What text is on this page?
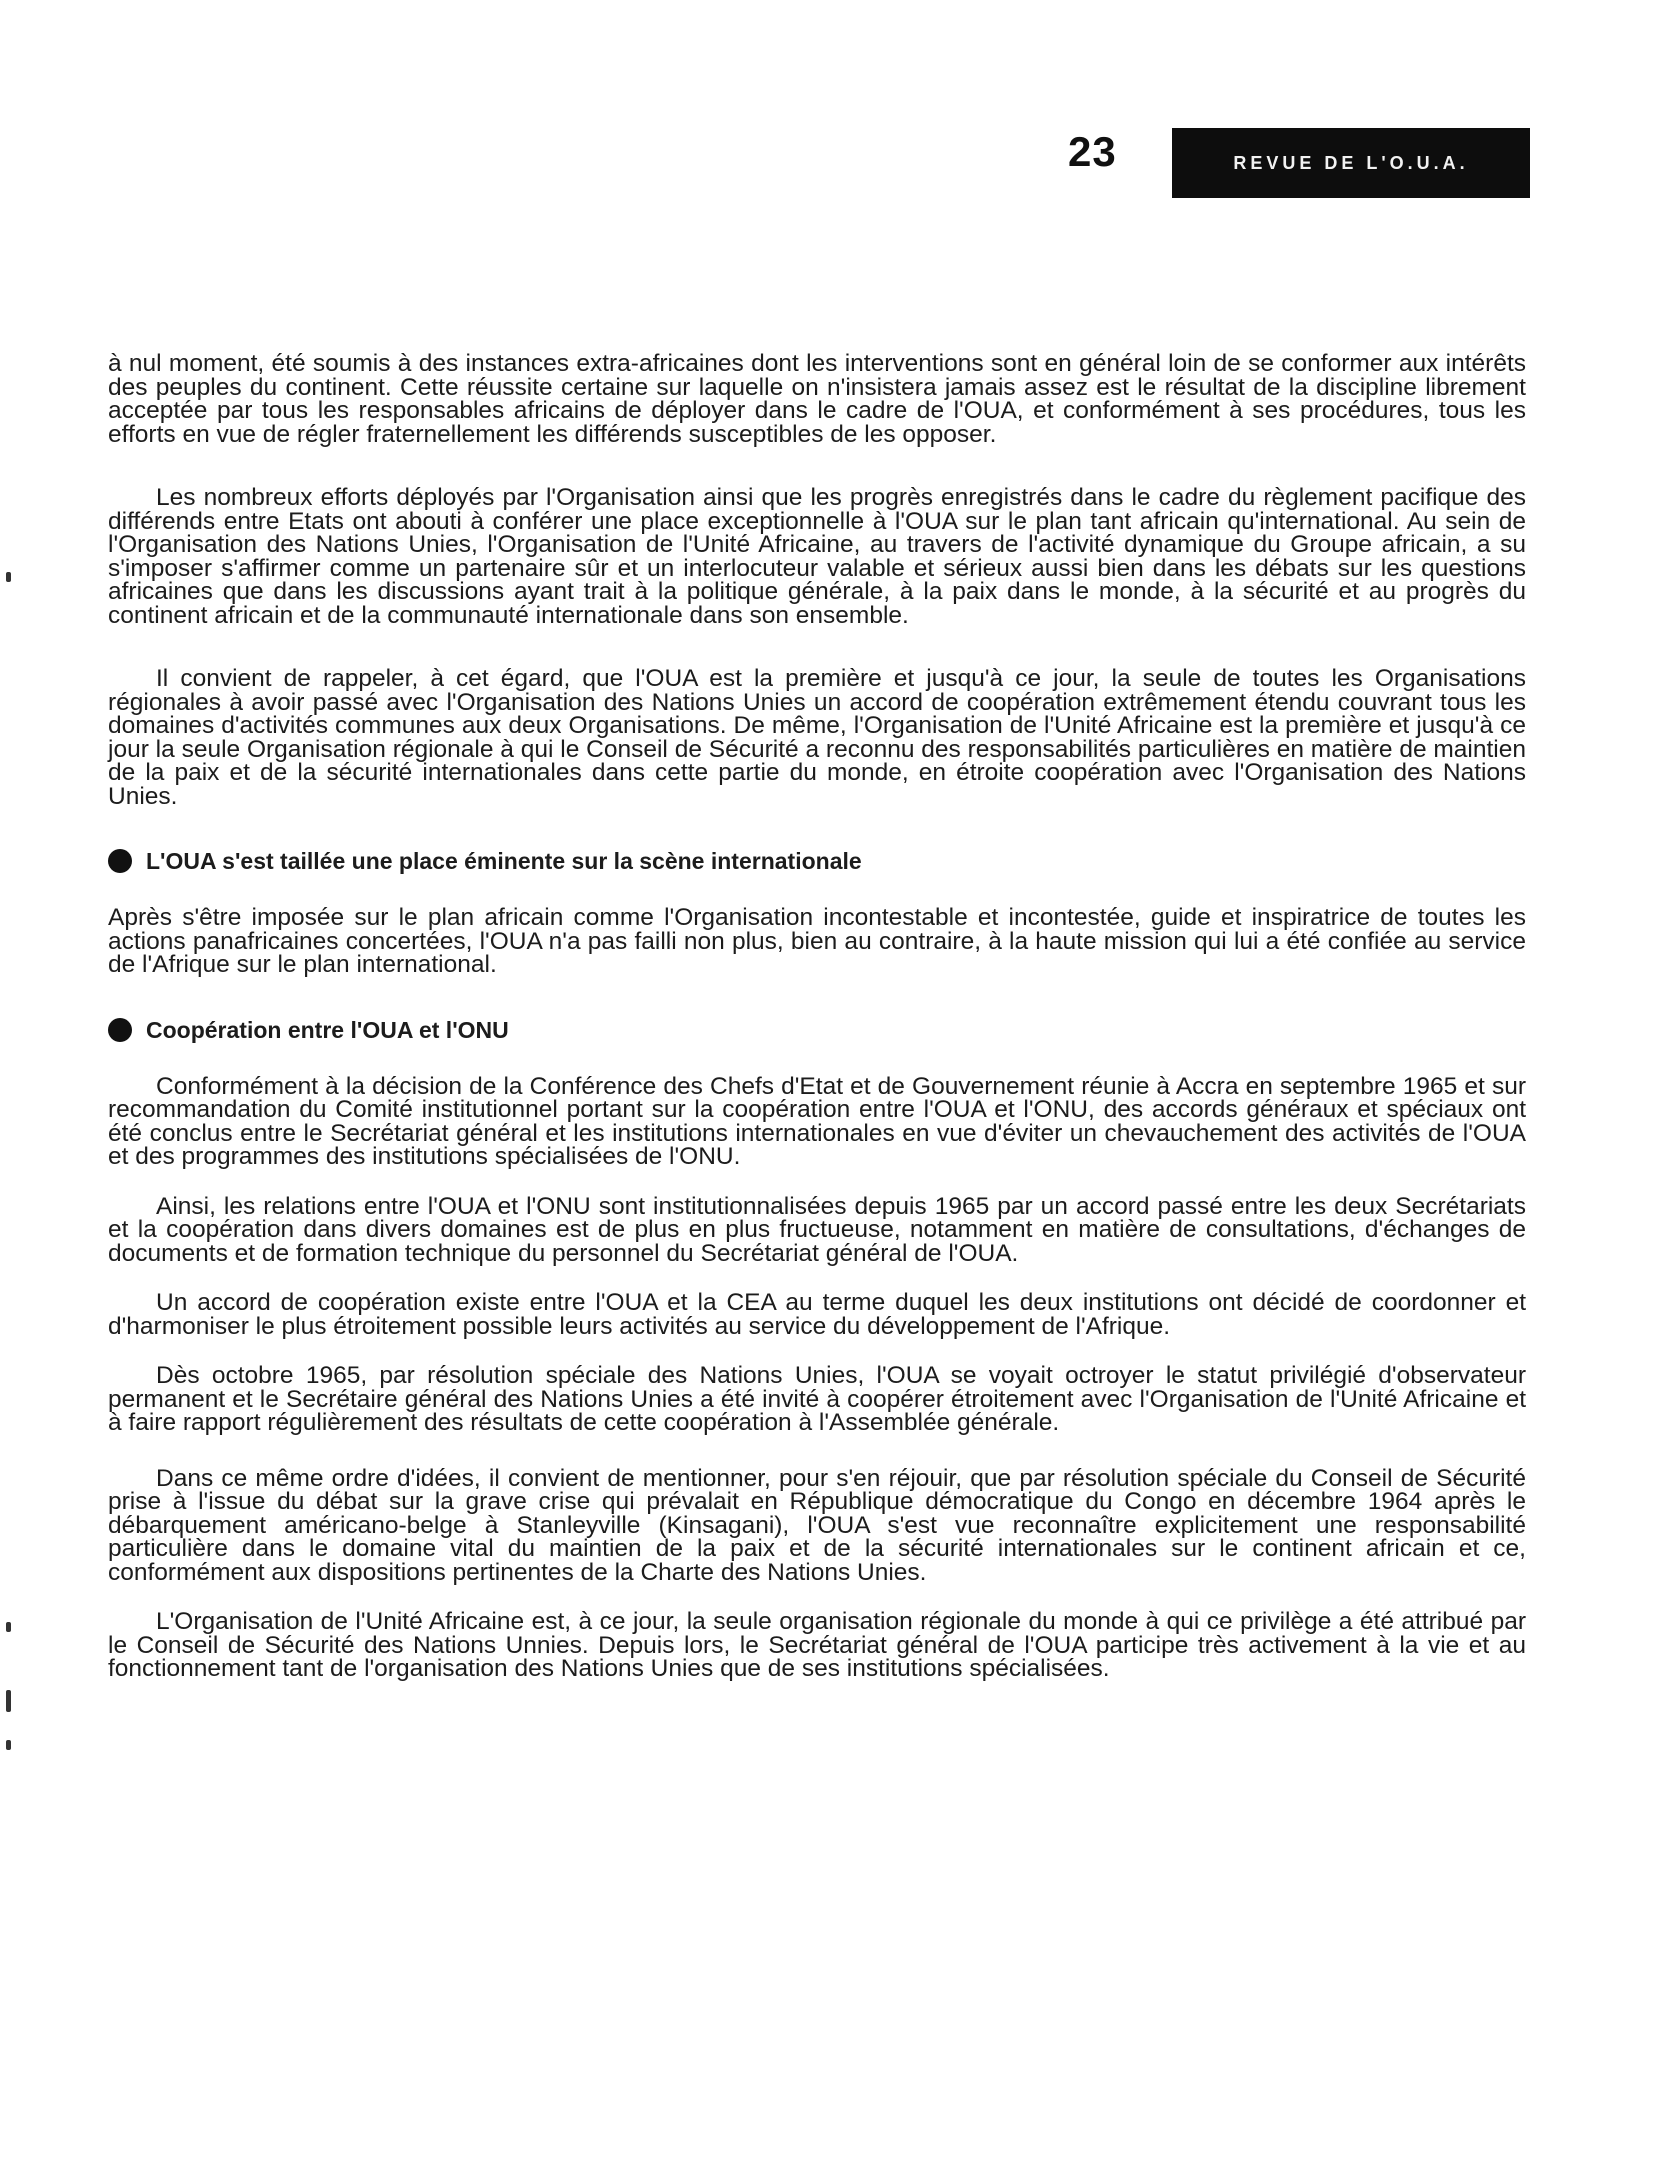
23	REVUE DE L'O.U.A.

à nul moment, été soumis à des instances extra-africaines dont les interventions sont en général loin de se conformer aux intérêts des peuples du continent. Cette réussite certaine sur laquelle on n'insistera jamais assez est le résultat de la discipline librement acceptée par tous les responsables africains de déployer dans le cadre de l'OUA, et conformément à ses procédures, tous les efforts en vue de régler fraternellement les différends susceptibles de les opposer.

Les nombreux efforts déployés par l'Organisation ainsi que les progrès enregistrés dans le cadre du règlement pacifique des différends entre Etats ont abouti à conférer une place exceptionnelle à l'OUA sur le plan tant africain qu'international. Au sein de l'Organisation des Nations Unies, l'Organisation de l'Unité Africaine, au travers de l'activité dynamique du Groupe africain, a su s'imposer s'affirmer comme un partenaire sûr et un interlocuteur valable et sérieux aussi bien dans les débats sur les questions africaines que dans les discussions ayant trait à la politique générale, à la paix dans le monde, à la sécurité et au progrès du continent africain et de la communauté internationale dans son ensemble.

Il convient de rappeler, à cet égard, que l'OUA est la première et jusqu'à ce jour, la seule de toutes les Organisations régionales à avoir passé avec l'Organisation des Nations Unies un accord de coopération extrêmement étendu couvrant tous les domaines d'activités communes aux deux Organisations. De même, l'Organisation de l'Unité Africaine est la première et jusqu'à ce jour la seule Organisation régionale à qui le Conseil de Sécurité a reconnu des responsabilités particulières en matière de maintien de la paix et de la sécurité internationales dans cette partie du monde, en étroite coopération avec l'Organisation des Nations Unies.

L'OUA s'est taillée une place éminente sur la scène internationale

Après s'être imposée sur le plan africain comme l'Organisation incontestable et incontestée, guide et inspiratrice de toutes les actions panafricaines concertées, l'OUA n'a pas failli non plus, bien au contraire, à la haute mission qui lui a été confiée au service de l'Afrique sur le plan international.

Coopération entre l'OUA et l'ONU

Conformément à la décision de la Conférence des Chefs d'Etat et de Gouvernement réunie à Accra en septembre 1965 et sur recommandation du Comité institutionnel portant sur la coopération entre l'OUA et l'ONU, des accords généraux et spéciaux ont été conclus entre le Secrétariat général et les institutions internationales en vue d'éviter un chevauchement des activités de l'OUA et des programmes des institutions spécialisées de l'ONU.

Ainsi, les relations entre l'OUA et l'ONU sont institutionnalisées depuis 1965 par un accord passé entre les deux Secrétariats et la coopération dans divers domaines est de plus en plus fructueuse, notamment en matière de consultations, d'échanges de documents et de formation technique du personnel du Secrétariat général de l'OUA.

Un accord de coopération existe entre l'OUA et la CEA au terme duquel les deux institutions ont décidé de coordonner et d'harmoniser le plus étroitement possible leurs activités au service du développement de l'Afrique.

Dès octobre 1965, par résolution spéciale des Nations Unies, l'OUA se voyait octroyer le statut privilégié d'observateur permanent et le Secrétaire général des Nations Unies a été invité à coopérer étroitement avec l'Organisation de l'Unité Africaine et à faire rapport régulièrement des résultats de cette coopération à l'Assemblée générale.

Dans ce même ordre d'idées, il convient de mentionner, pour s'en réjouir, que par résolution spéciale du Conseil de Sécurité prise à l'issue du débat sur la grave crise qui prévalait en République démocratique du Congo en décembre 1964 après le débarquement américano-belge à Stanleyville (Kinsagani), l'OUA s'est vue reconnaître explicitement une responsabilité particulière dans le domaine vital du maintien de la paix et de la sécurité internationales sur le continent africain et ce, conformément aux dispositions pertinentes de la Charte des Nations Unies.

L'Organisation de l'Unité Africaine est, à ce jour, la seule organisation régionale du monde à qui ce privilège a été attribué par le Conseil de Sécurité des Nations Unnies. Depuis lors, le Secrétariat général de l'OUA participe très activement à la vie et au fonctionnement tant de l'organisation des Nations Unies que de ses institutions spécialisées.
